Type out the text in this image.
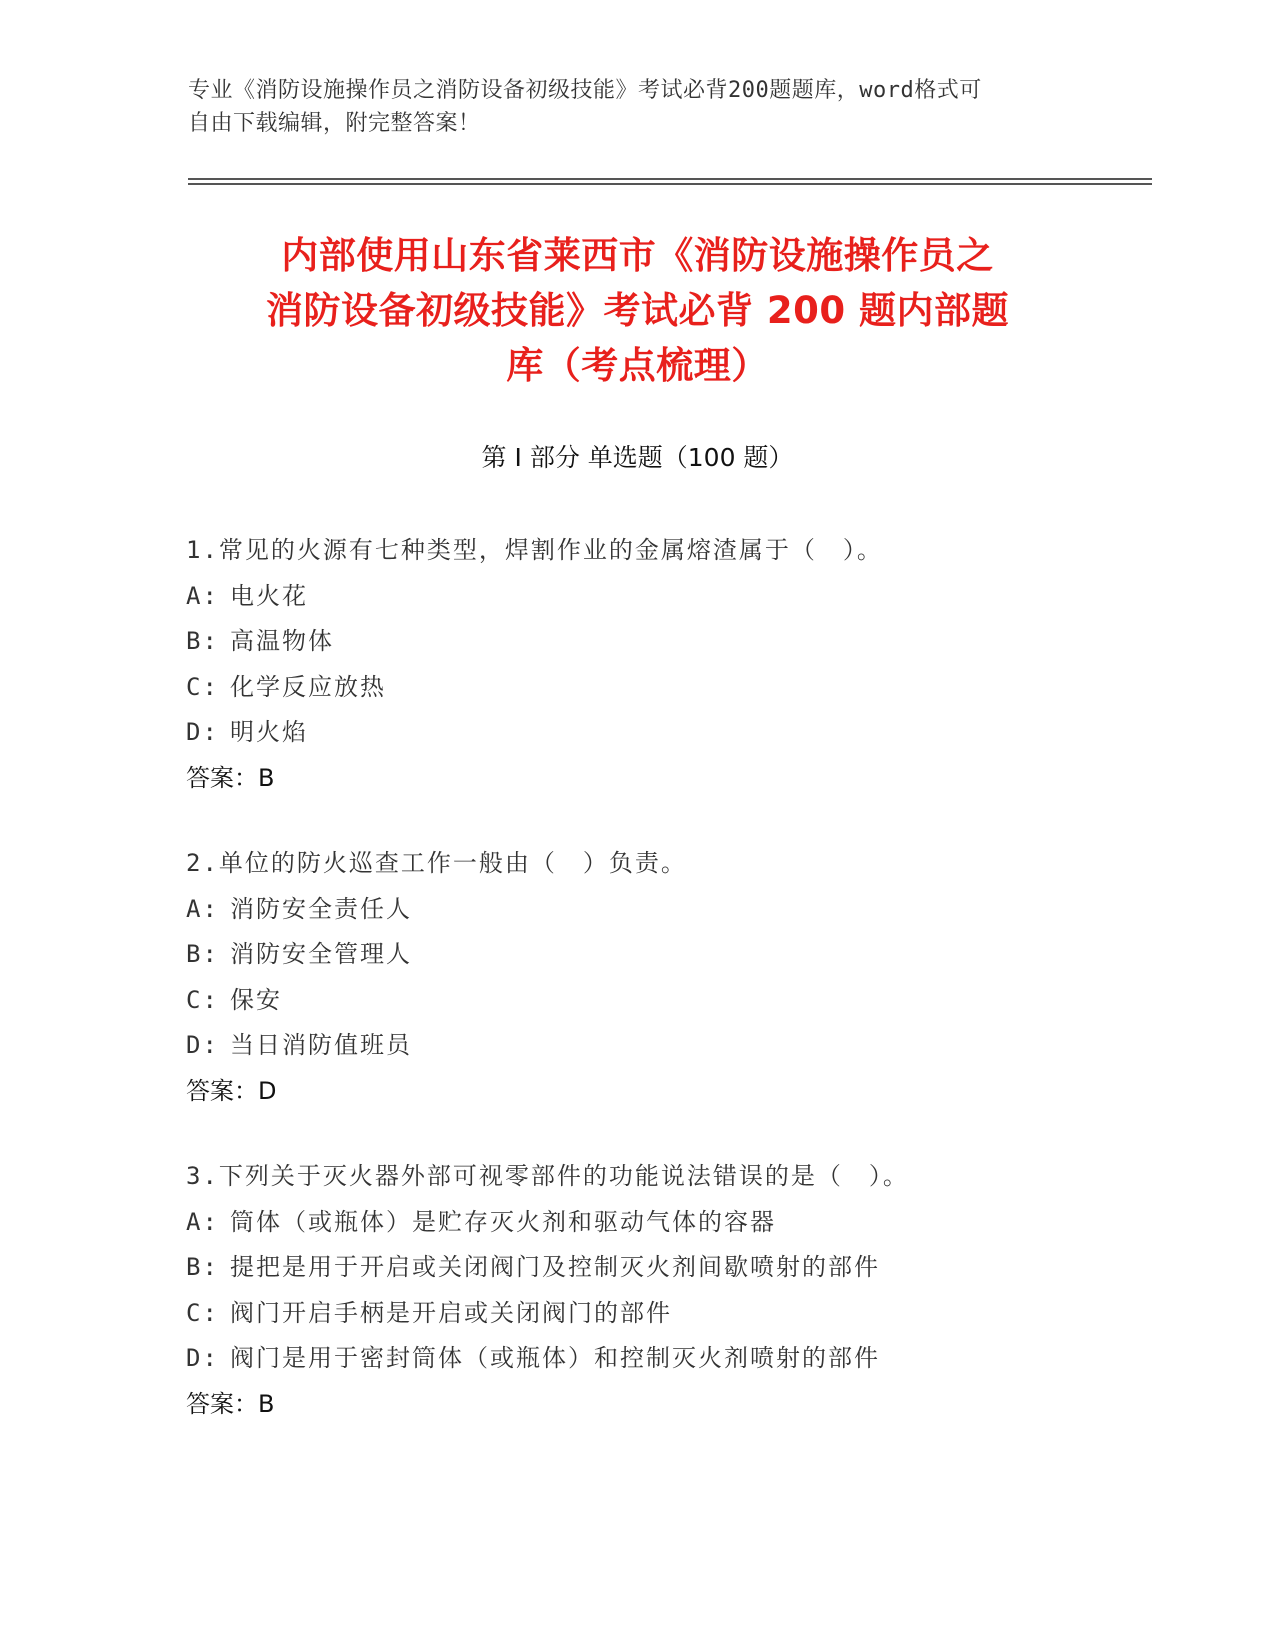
专业《消防设施操作员之消防设备初级技能》考试必背200题题库，word格式可
自由下载编辑，附完整答案！
内部使用山东省莱西市《消防设施操作员之
消防设备初级技能》考试必背 200 题内部题
库（考点梳理）
第 I 部分 单选题（100 题）
1.常见的火源有七种类型，焊割作业的金属熔渣属于（　）。
A: 电火花
B: 高温物体
C: 化学反应放热
D: 明火焰
答案：B
2.单位的防火巡查工作一般由（　）负责。
A: 消防安全责任人
B: 消防安全管理人
C: 保安
D: 当日消防值班员
答案：D
3.下列关于灭火器外部可视零部件的功能说法错误的是（　）。
A: 筒体（或瓶体）是贮存灭火剂和驱动气体的容器
B: 提把是用于开启或关闭阀门及控制灭火剂间歇喷射的部件
C: 阀门开启手柄是开启或关闭阀门的部件
D: 阀门是用于密封筒体（或瓶体）和控制灭火剂喷射的部件
答案：B
